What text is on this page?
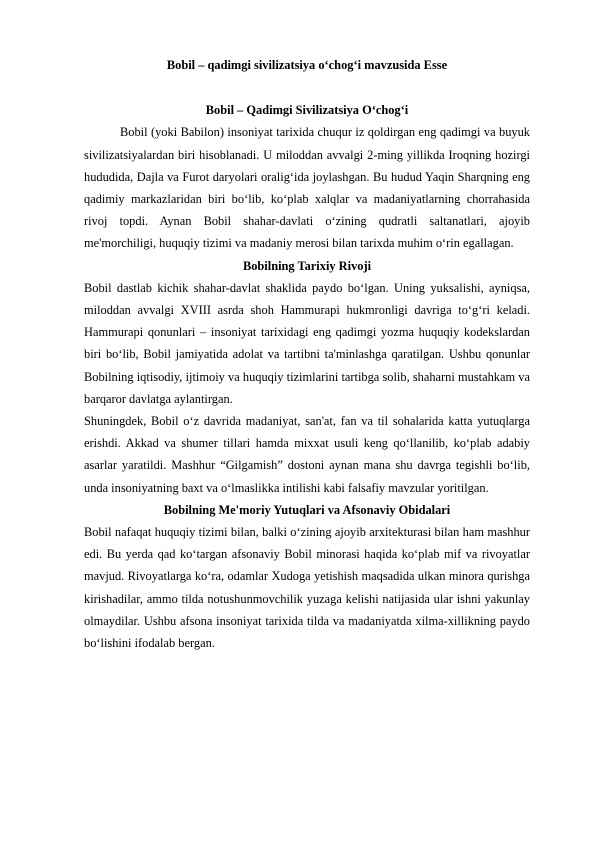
Bobil – qadimgi sivilizatsiya oʻchogʻi mavzusida Esse
Bobil – Qadimgi Sivilizatsiya Oʻchogʻi

Bobil (yoki Babilon) insoniyat tarixida chuqur iz qoldirgan eng qadimgi va buyuk sivilizatsiyalardan biri hisoblanadi. U miloddan avvalgi 2-ming yillikda Iroqning hozirgi hududida, Dajla va Furot daryolari oraligʻida joylashgan. Bu hudud Yaqin Sharqning eng qadimiy markazlaridan biri boʻlib, koʻplab xalqlar va madaniyatlarning chorrahasida rivoj topdi. Aynan Bobil shahar-davlati oʻzining qudratli saltanatlari, ajoyib me'morchiligi, huquqiy tizimi va madaniy merosi bilan tarixda muhim oʻrin egallagan.

Bobilning Tarixiy Rivoji

Bobil dastlab kichik shahar-davlat shaklida paydo boʻlgan. Uning yuksalishi, ayniqsa, miloddan avvalgi XVIII asrda shoh Hammurapi hukmronligi davriga toʻgʻri keladi. Hammurapi qonunlari – insoniyat tarixidagi eng qadimgi yozma huquqiy kodekslardan biri boʻlib, Bobil jamiyatida adolat va tartibni ta'minlashga qaratilgan. Ushbu qonunlar Bobilning iqtisodiy, ijtimoiy va huquqiy tizimlarini tartibga solib, shaharni mustahkam va barqaror davlatga aylantirgan.

Shuningdek, Bobil oʻz davrida madaniyat, san'at, fan va til sohalarida katta yutuqlarga erishdi. Akkad va shumer tillari hamda mixxat usuli keng qoʻllanilib, koʻplab adabiy asarlar yaratildi. Mashhur “Gilgamish” dostoni aynan mana shu davrga tegishli boʻlib, unda insoniyatning baxt va oʻlmaslikka intilishi kabi falsafiy mavzular yoritilgan.

Bobilning Me'moriy Yutuqlari va Afsonaviy Obidalari

Bobil nafaqat huquqiy tizimi bilan, balki oʻzining ajoyib arxitekturasi bilan ham mashhur edi. Bu yerda qad koʻtargan afsonaviy Bobil minorasi haqida koʻplab mif va rivoyatlar mavjud. Rivoyatlarga koʻra, odamlar Xudoga yetishish maqsadida ulkan minora qurishga kirishadilar, ammo tilda notushunmovchilik yuzaga kelishi natijasida ular ishni yakunlay olmaydilar. Ushbu afsona insoniyat tarixida tilda va madaniyatda xilma-xillikning paydo boʻlishini ifodalab bergan.
